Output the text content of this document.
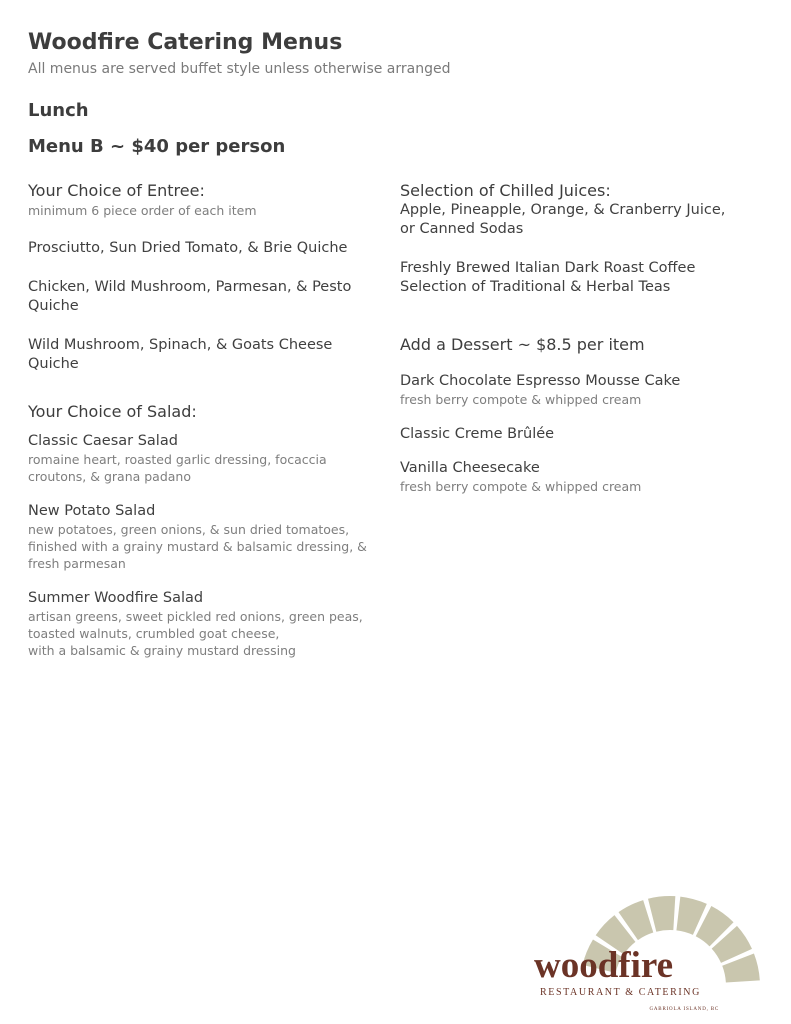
Woodfire Catering Menus

All menus are served buffet style unless otherwise arranged

Lunch
Menu B ~ $40 per person

Your Choice of Entree:

minimum 6 piece order of each item

Prosciutto, Sun Dried Tomato, & Brie Quiche

Chicken, Wild Mushroom, Parmesan, & Pesto

Quiche

Wild Mushroom, Spinach, & Goats Cheese

Quiche

Your Choice of Salad:

Classic Caesar Salad

romaine heart, roasted garlic dressing, focaccia

croutons, & grana padano

New Potato Salad

new potatoes, green onions, & sun dried tomatoes,

finished with a grainy mustard & balsamic dressing, &

fresh parmesan

Summer Woodfire Salad

artisan greens, sweet pickled red onions, green peas,

toasted walnuts, crumbled goat cheese,

with a balsamic & grainy mustard dressing

Selection of Chilled Juices:

Apple, Pineapple, Orange, & Cranberry Juice,

or Canned Sodas

Freshly Brewed Italian Dark Roast Coffee

Selection of Traditional & Herbal Teas

Add a Dessert ~ $8.5 per item

Dark Chocolate Espresso Mousse Cake

fresh berry compote & whipped cream

Classic Creme Brûlée

Vanilla Cheesecake

fresh berry compote & whipped cream

woodfire
RESTAURANT & CATERING
GABRIOLA ISLAND, BC
